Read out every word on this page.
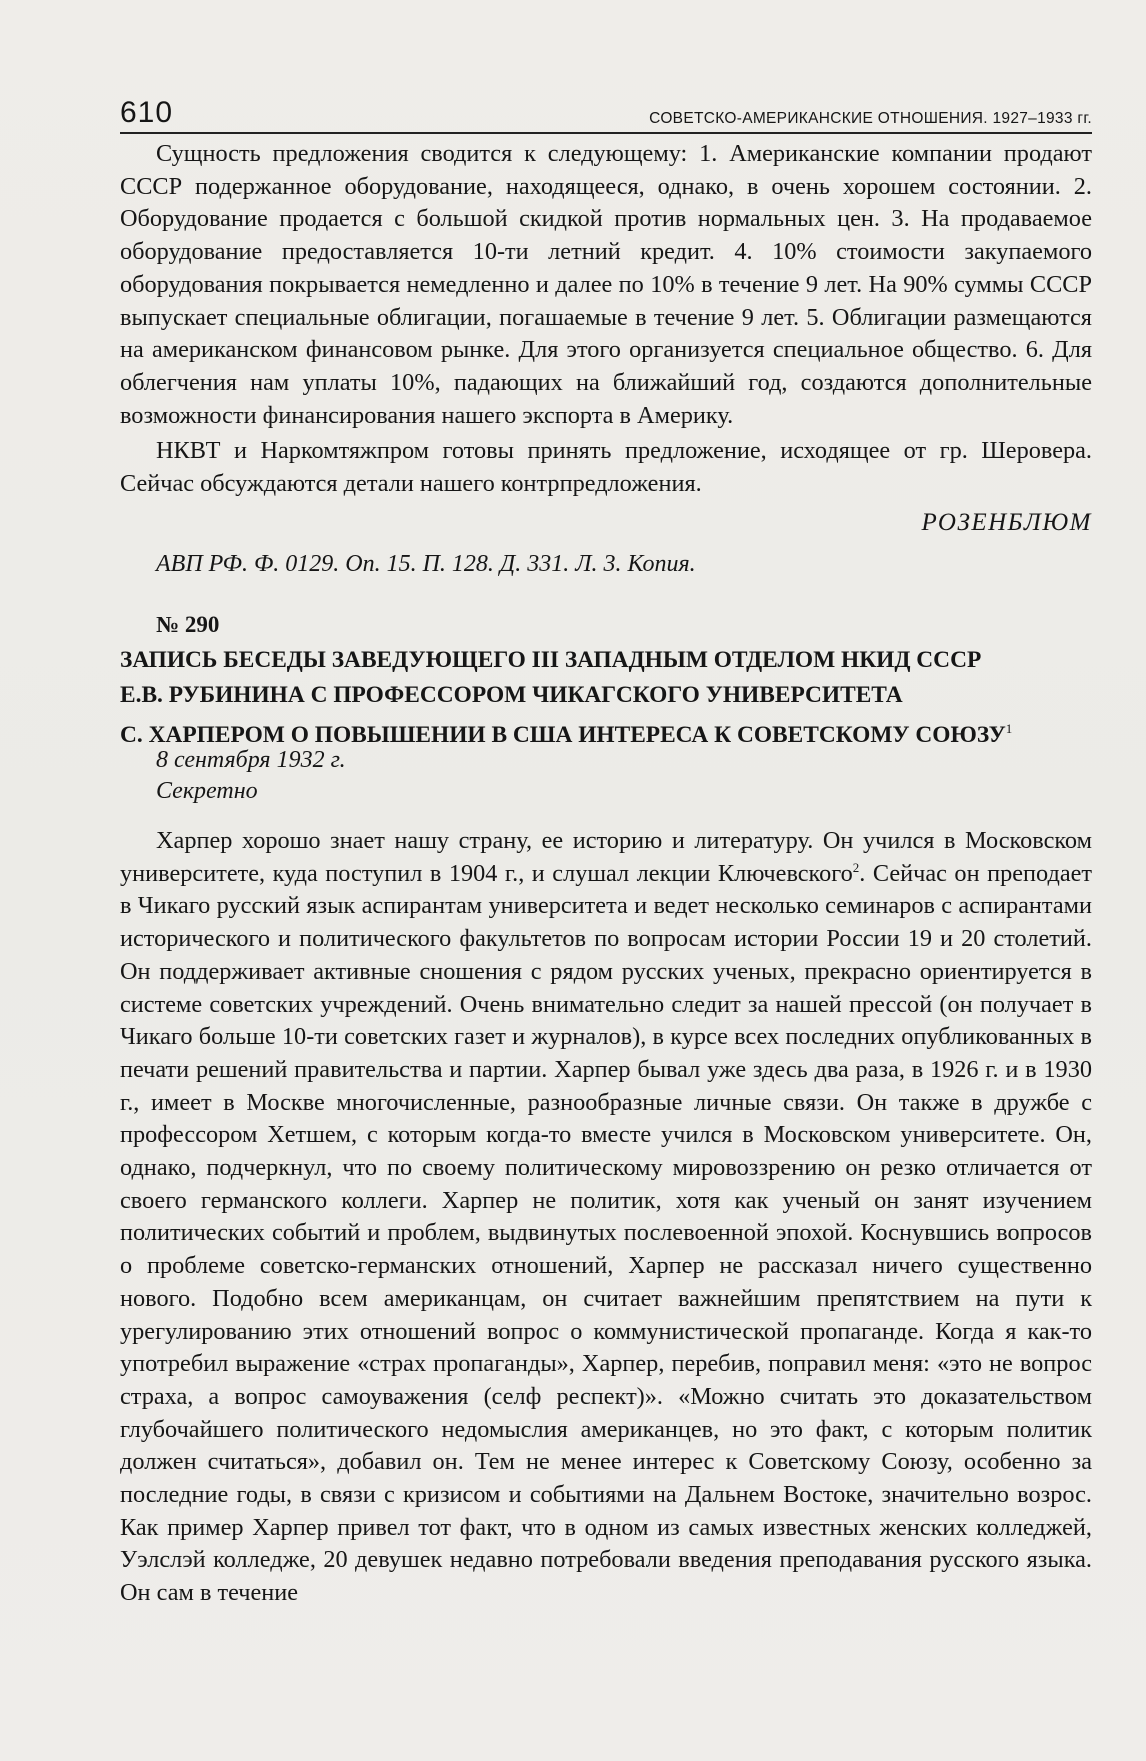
610	СОВЕТСКО-АМЕРИКАНСКИЕ ОТНОШЕНИЯ. 1927–1933 гг.

Сущность предложения сводится к следующему: 1. Американские компании продают СССР подержанное оборудование, находящееся, однако, в очень хорошем состоянии. 2. Оборудование продается с большой скидкой против нормальных цен. 3. На продаваемое оборудование предоставляется 10-ти летний кредит. 4. 10% стоимости закупаемого оборудования покрывается немедленно и далее по 10% в течение 9 лет. На 90% суммы СССР выпускает специальные облигации, погашаемые в течение 9 лет. 5. Облигации размещаются на американском финансовом рынке. Для этого организуется специальное общество. 6. Для облегчения нам уплаты 10%, падающих на ближайший год, создаются дополнительные возможности финансирования нашего экспорта в Америку.

НКВТ и Наркомтяжпром готовы принять предложение, исходящее от гр. Шеровера. Сейчас обсуждаются детали нашего контрпредложения.

РОЗЕНБЛЮМ
АВП РФ. Ф. 0129. Оп. 15. П. 128. Д. 331. Л. 3. Копия.
№ 290
ЗАПИСЬ БЕСЕДЫ ЗАВЕДУЮЩЕГО III ЗАПАДНЫМ ОТДЕЛОМ НКИД СССР
Е.В. РУБИНИНА С ПРОФЕССОРОМ ЧИКАГСКОГО УНИВЕРСИТЕТА
С. ХАРПЕРОМ О ПОВЫШЕНИИ В США ИНТЕРЕСА К СОВЕТСКОМУ СОЮЗУ$^1$
8 сентября 1932 г.
Секретно

Харпер хорошо знает нашу страну, ее историю и литературу. Он учился в Московском университете, куда поступил в 1904 г., и слушал лекции Ключевского$^2$. Сейчас он преподает в Чикаго русский язык аспирантам университета и ведет несколько семинаров с аспирантами исторического и политического факультетов по вопросам истории России 19 и 20 столетий. Он поддерживает активные сношения с рядом русских ученых, прекрасно ориентируется в системе советских учреждений. Очень внимательно следит за нашей прессой (он получает в Чикаго больше 10-ти советских газет и журналов), в курсе всех последних опубликованных в печати решений правительства и партии. Харпер бывал уже здесь два раза, в 1926 г. и в 1930 г., имеет в Москве многочисленные, разнообразные личные связи. Он также в дружбе с профессором Хетшем, с которым когда-то вместе учился в Московском университете. Он, однако, подчеркнул, что по своему политическому мировоззрению он резко отличается от своего германского коллеги. Харпер не политик, хотя как ученый он занят изучением политических событий и проблем, выдвинутых послевоенной эпохой. Коснувшись вопросов о проблеме советско-германских отношений, Харпер не рассказал ничего существенно нового. Подобно всем американцам, он считает важнейшим препятствием на пути к урегулированию этих отношений вопрос о коммунистической пропаганде. Когда я как-то употребил выражение «страх пропаганды», Харпер, перебив, поправил меня: «это не вопрос страха, а вопрос самоуважения (селф респект)». «Можно считать это доказательством глубочайшего политического недомыслия американцев, но это факт, с которым политик должен считаться», добавил он. Тем не менее интерес к Советскому Союзу, особенно за последние годы, в связи с кризисом и событиями на Дальнем Востоке, значительно возрос. Как пример Харпер привел тот факт, что в одном из самых известных женских колледжей, Уэлслэй колледже, 20 девушек недавно потребовали введения преподавания русского языка. Он сам в течение
